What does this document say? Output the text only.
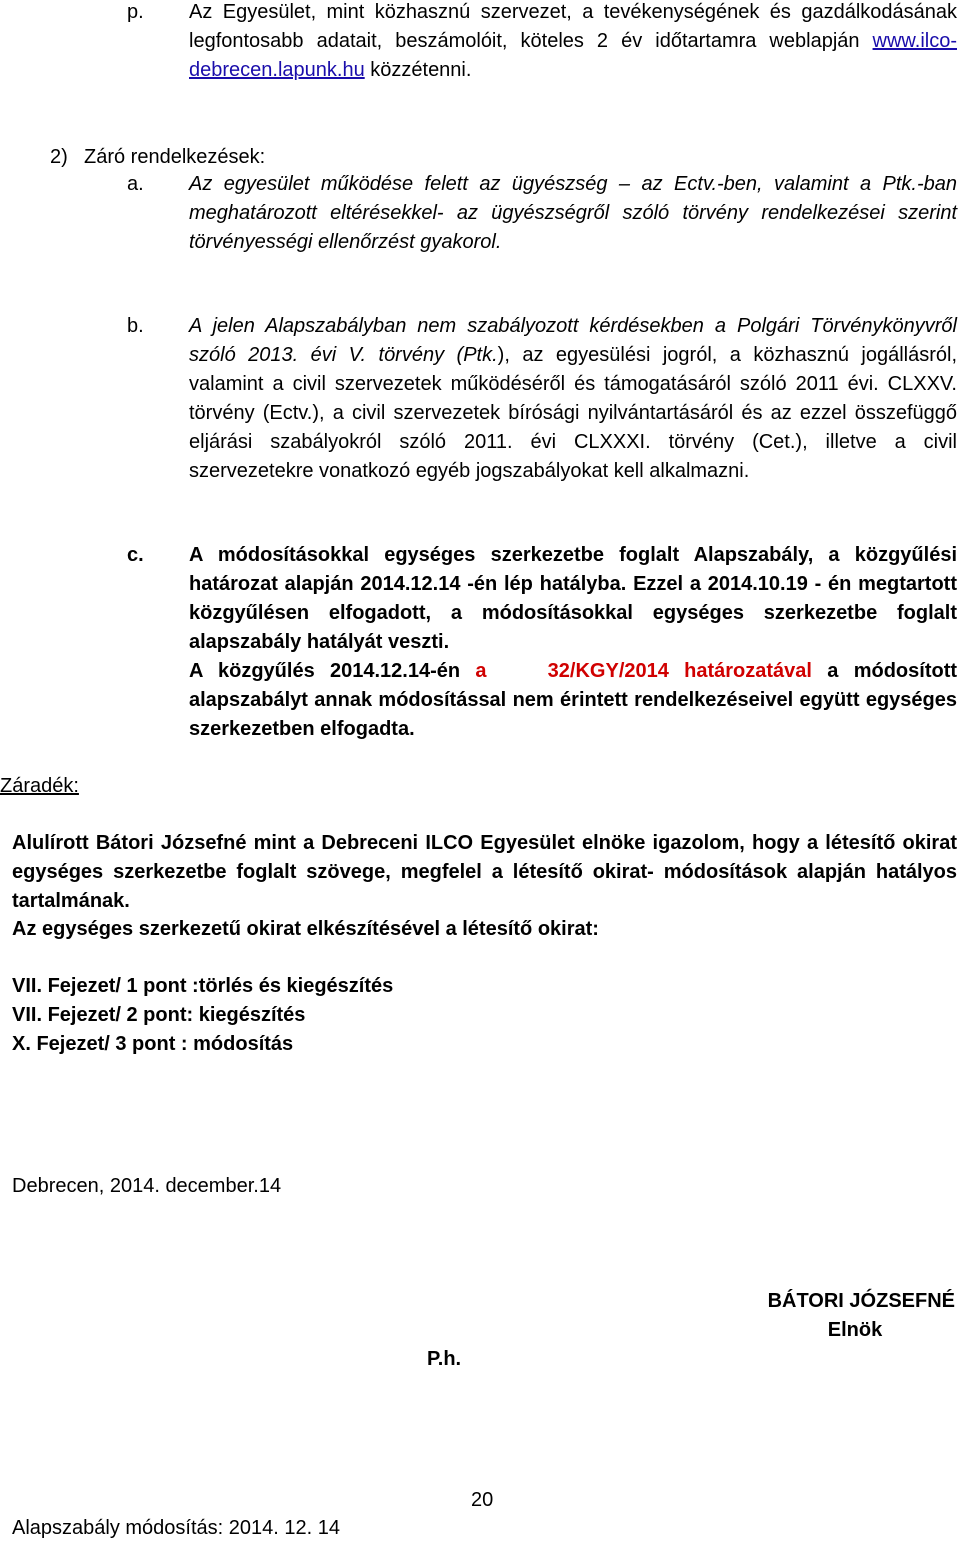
p. Az Egyesület, mint közhasznú szervezet, a tevékenységének és gazdálkodásának legfontosabb adatait, beszámolóit, köteles 2 év időtartamra weblapján www.ilco-debrecen.lapunk.hu közzétenni.
2) Záró rendelkezések:
a. Az egyesület működése felett az ügyészség – az Ectv.-ben, valamint a Ptk.-ban meghatározott eltérésekkel- az ügyészségről szóló törvény rendelkezései szerint törvényességi ellenőrzést gyakorol.
b. A jelen Alapszabályban nem szabályozott kérdésekben a Polgári Törvénykönyvről szóló 2013. évi V. törvény (Ptk.), az egyesülési jogról, a közhasznú jogállásról, valamint a civil szervezetek működéséről és támogatásáról szóló 2011 évi. CLXXV. törvény (Ectv.), a civil szervezetek bírósági nyilvántartásáról és az ezzel összefüggő eljárási szabályokról szóló 2011. évi CLXXXI. törvény (Cet.), illetve a civil szervezetekre vonatkozó egyéb jogszabályokat kell alkalmazni.
c. A módosításokkal egységes szerkezetbe foglalt Alapszabály, a közgyűlési határozat alapján 2014.12.14 -én lép hatályba. Ezzel a 2014.10.19 - én megtartott közgyűlésen elfogadott, a módosításokkal egységes szerkezetbe foglalt alapszabály hatályát veszti.
A közgyűlés 2014.12.14-én a	32/KGY/2014 határozatával a módosított alapszabályt annak módosítással nem érintett rendelkezéseivel együtt egységes szerkezetben elfogadta.
Záradék:
Alulírott Bátori Józsefné mint a Debreceni ILCO Egyesület elnöke igazolom, hogy a létesítő okirat egységes szerkezetbe foglalt szövege, megfelel a létesítő okirat- módosítások alapján hatályos tartalmának.
Az egységes szerkezetű okirat elkészítésével a létesítő okirat:
VII. Fejezet/ 1 pont :törlés és kiegészítés
VII. Fejezet/ 2 pont: kiegészítés
X. Fejezet/ 3 pont : módosítás
Debrecen, 2014. december.14
BÁTORI JÓZSEFNÉ
Elnök
P.h.
20
Alapszabály módosítás: 2014. 12. 14
